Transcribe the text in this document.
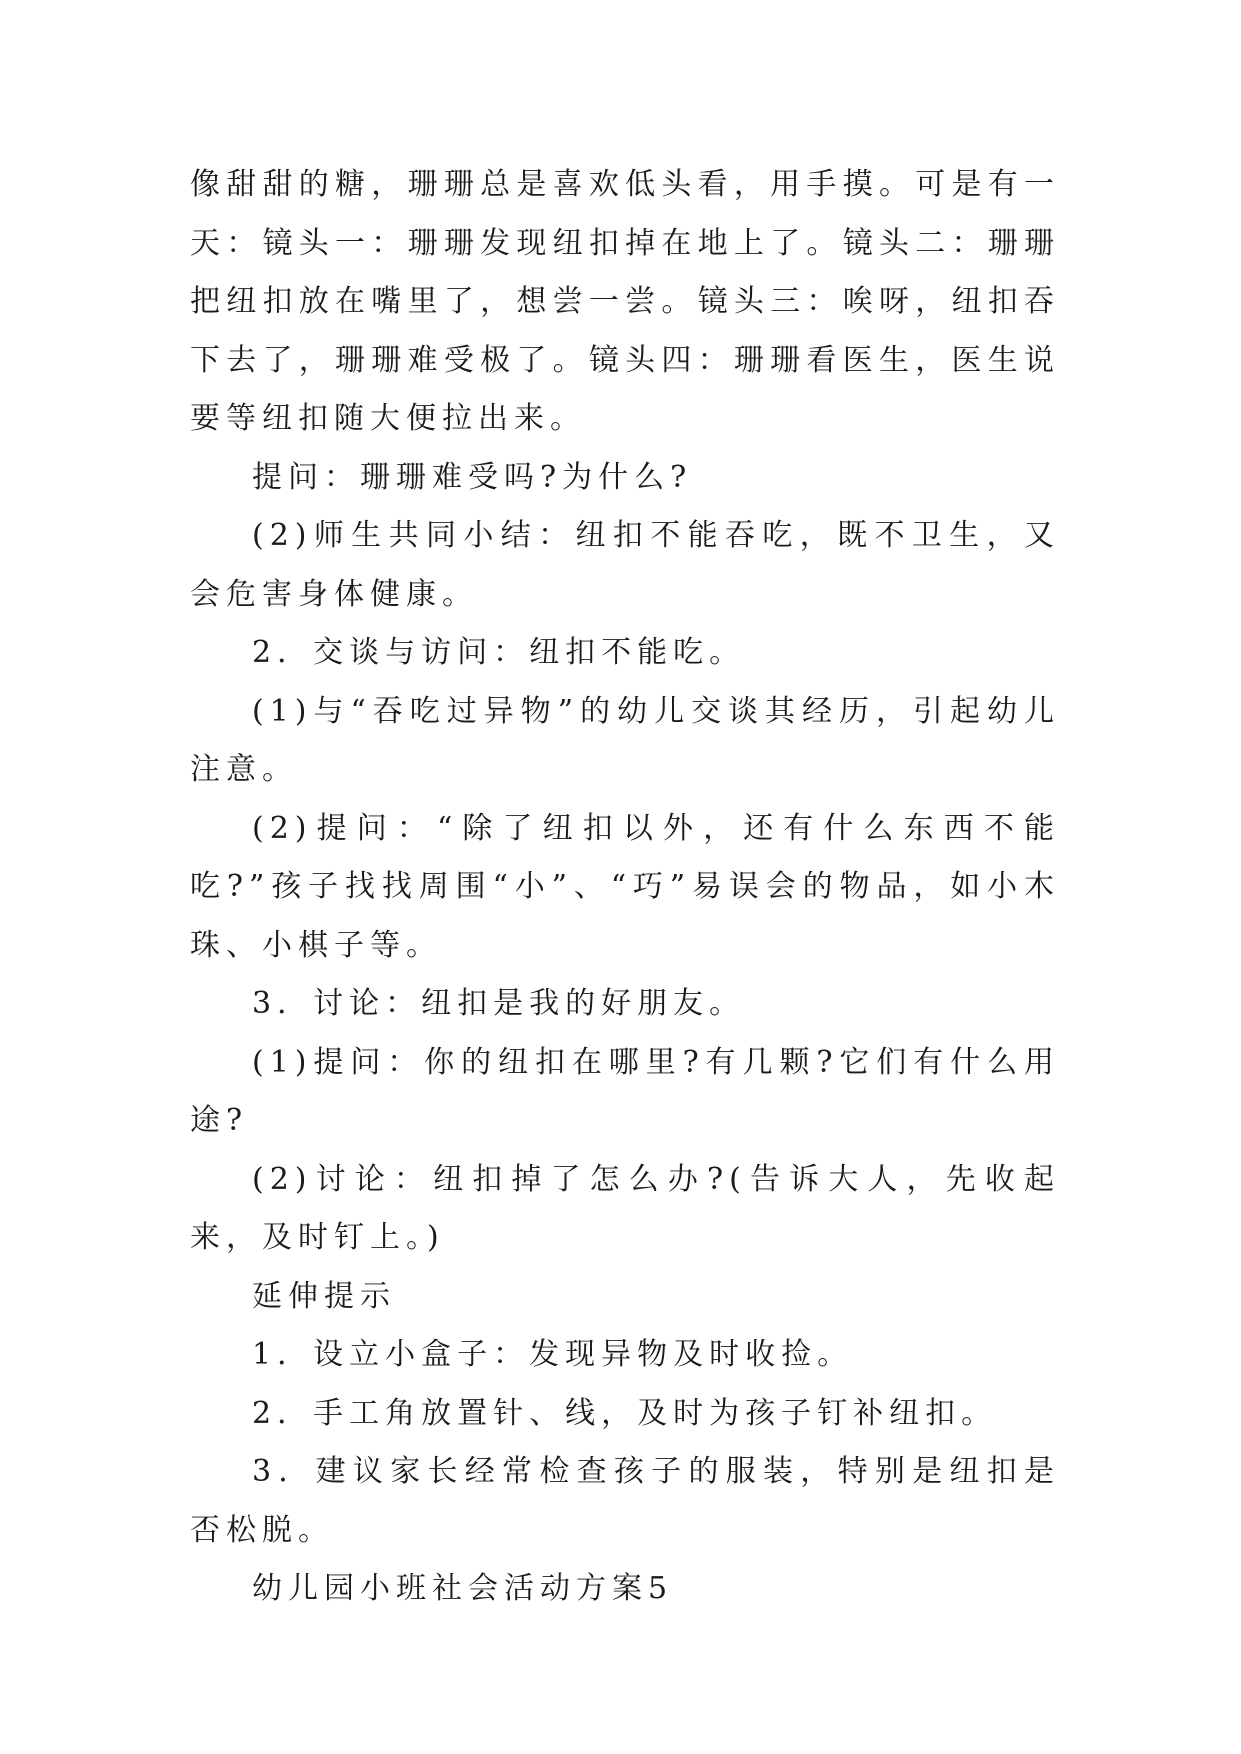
像甜甜的糖，珊珊总是喜欢低头看，用手摸。可是有一天：镜头一：珊珊发现纽扣掉在地上了。镜头二：珊珊把纽扣放在嘴里了，想尝一尝。镜头三：唉呀，纽扣吞下去了，珊珊难受极了。镜头四：珊珊看医生，医生说要等纽扣随大便拉出来。

提问：珊珊难受吗?为什么?

(2)师生共同小结：纽扣不能吞吃，既不卫生，又会危害身体健康。

2．交谈与访问：纽扣不能吃。

(1)与“吞吃过异物”的幼儿交谈其经历，引起幼儿注意。

(2)提问：“除了纽扣以外，还有什么东西不能吃?”孩子找找周围“小”、“巧”易误会的物品，如小木珠、小棋子等。

3．讨论：纽扣是我的好朋友。

(1)提问：你的纽扣在哪里?有几颗?它们有什么用途?

(2)讨论：纽扣掉了怎么办?(告诉大人，先收起来，及时钉上。)

延伸提示

1．设立小盒子：发现异物及时收捡。

2．手工角放置针、线，及时为孩子钉补纽扣。

3．建议家长经常检查孩子的服装，特别是纽扣是否松脱。

幼儿园小班社会活动方案5
